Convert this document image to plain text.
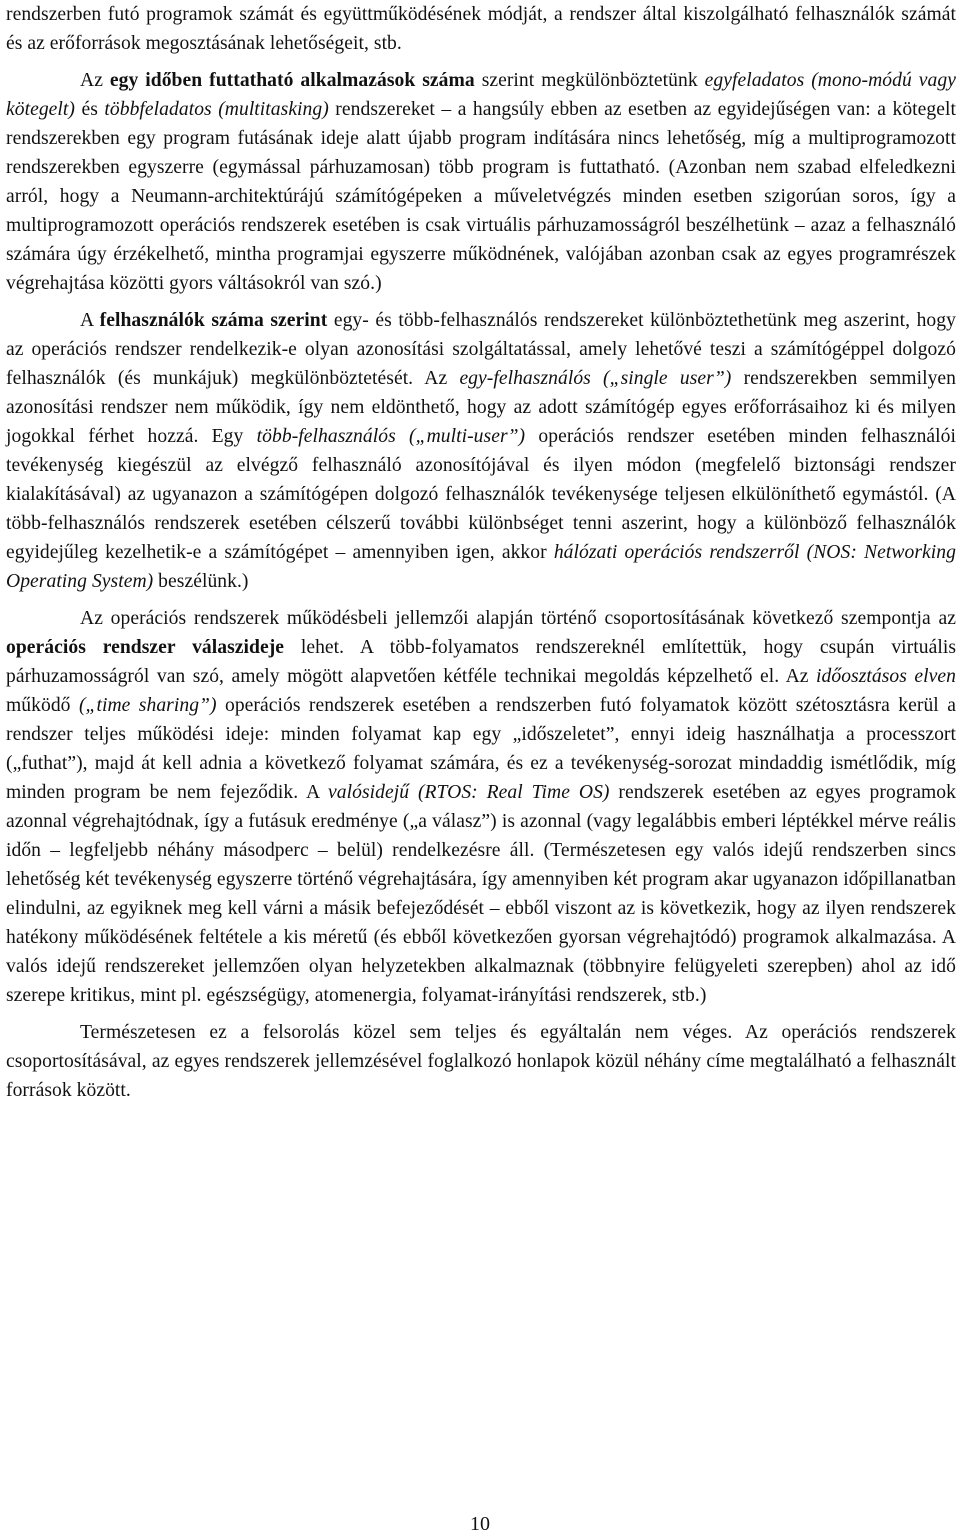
rendszerben futó programok számát és együttműködésének módját, a rendszer által kiszolgálható felhasználók számát és az erőforrások megosztásának lehetőségeit, stb.

Az egy időben futtatható alkalmazások száma szerint megkülönböztetünk egyfeladatos (mono-módú vagy kötegelt) és többfeladatos (multitasking) rendszereket – a hangsúly ebben az esetben az egyidejűségen van: a kötegelt rendszerekben egy program futásának ideje alatt újabb program indítására nincs lehetőség, míg a multiprogramozott rendszerekben egyszerre (egymással párhuzamosan) több program is futtatható. (Azonban nem szabad elfeledkezni arról, hogy a Neumann-architektúrájú számítógépeken a műveletvégzés minden esetben szigorúan soros, így a multiprogramozott operációs rendszerek esetében is csak virtuális párhuzamosságról beszélhetünk – azaz a felhasználó számára úgy érzékelhető, mintha programjai egyszerre működnének, valójában azonban csak az egyes programrészek végrehajtása közötti gyors váltásokról van szó.)

A felhasználók száma szerint egy- és több-felhasználós rendszereket különböztethetünk meg aszerint, hogy az operációs rendszer rendelkezik-e olyan azonosítási szolgáltatással, amely lehetővé teszi a számítógéppel dolgozó felhasználók (és munkájuk) megkülönböztetését. Az egy-felhasználós („single user”) rendszerekben semmilyen azonosítási rendszer nem működik, így nem eldönthető, hogy az adott számítógép egyes erőforrásaihoz ki és milyen jogokkal férhet hozzá. Egy több-felhasználós („multi-user”) operációs rendszer esetében minden felhasználói tevékenység kiegészül az elvégző felhasználó azonosítójával és ilyen módon (megfelelő biztonsági rendszer kialakításával) az ugyanazon a számítógépen dolgozó felhasználók tevékenysége teljesen elkülöníthető egymástól. (A több-felhasználós rendszerek esetében célszerű további különbséget tenni aszerint, hogy a különböző felhasználók egyidejűleg kezelhetik-e a számítógépet – amennyiben igen, akkor hálózati operációs rendszerről (NOS: Networking Operating System) beszélünk.)

Az operációs rendszerek működésbeli jellemzői alapján történő csoportosításának következő szempontja az operációs rendszer válaszideje lehet. A több-folyamatos rendszereknél említettük, hogy csupán virtuális párhuzamosságról van szó, amely mögött alapvetően kétféle technikai megoldás képzelhető el. Az időosztásos elven működő („time sharing”) operációs rendszerek esetében a rendszerben futó folyamatok között szétosztásra kerül a rendszer teljes működési ideje: minden folyamat kap egy „időszeletet”, ennyi ideig használhatja a processzort („futhat”), majd át kell adnia a következő folyamat számára, és ez a tevékenység-sorozat mindaddig ismétlődik, míg minden program be nem fejeződik. A valósidejű (RTOS: Real Time OS) rendszerek esetében az egyes programok azonnal végrehajtódnak, így a futásuk eredménye („a válasz”) is azonnal (vagy legalábbis emberi léptékkel mérve reális időn – legfeljebb néhány másodperc – belül) rendelkezésre áll. (Természetesen egy valós idejű rendszerben sincs lehetőség két tevékenység egyszerre történő végrehajtására, így amennyiben két program akar ugyanazon időpillanatban elindulni, az egyiknek meg kell várni a másik befejeződését – ebből viszont az is következik, hogy az ilyen rendszerek hatékony működésének feltétele a kis méretű (és ebből következően gyorsan végrehajtódó) programok alkalmazása. A valós idejű rendszereket jellemzően olyan helyzetekben alkalmaznak (többnyire felügyeleti szerepben) ahol az idő szerepe kritikus, mint pl. egészségügy, atomenergia, folyamat-irányítási rendszerek, stb.)

Természetesen ez a felsorolás közel sem teljes és egyáltalán nem véges. Az operációs rendszerek csoportosításával, az egyes rendszerek jellemzésével foglalkozó honlapok közül néhány címe megtalálható a felhasznált források között.

10
